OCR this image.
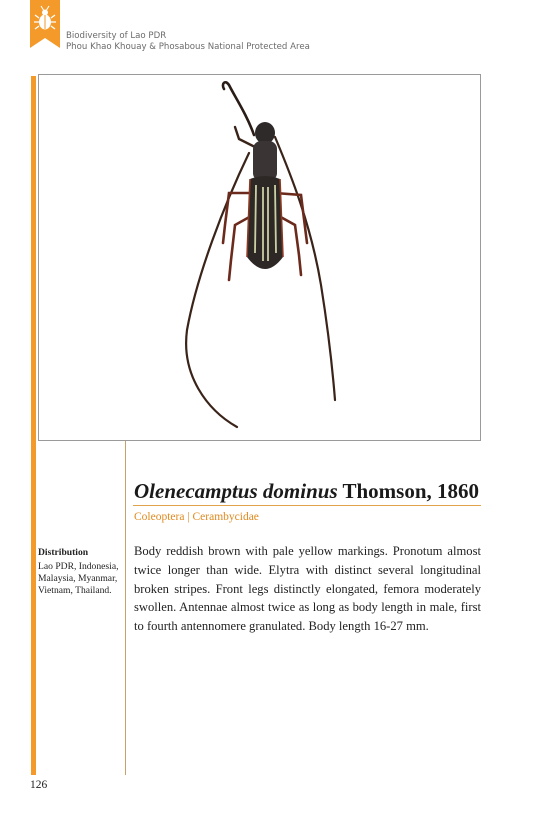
Biodiversity of Lao PDR
Phou Khao Khouay & Phosabous National Protected Area
Olenecamptus dominus Thomson, 1860
Coleoptera | Cerambycidae
Distribution
Lao PDR, Indonesia, Malaysia, Myanmar, Vietnam, Thailand.
Body reddish brown with pale yellow markings. Pronotum almost twice longer than wide. Elytra with distinct several longitudinal broken stripes. Front legs distinctly elongated, femora moderately swollen. Antennae almost twice as long as body length in male, first to fourth antennomere granulated. Body length 16-27 mm.
126
